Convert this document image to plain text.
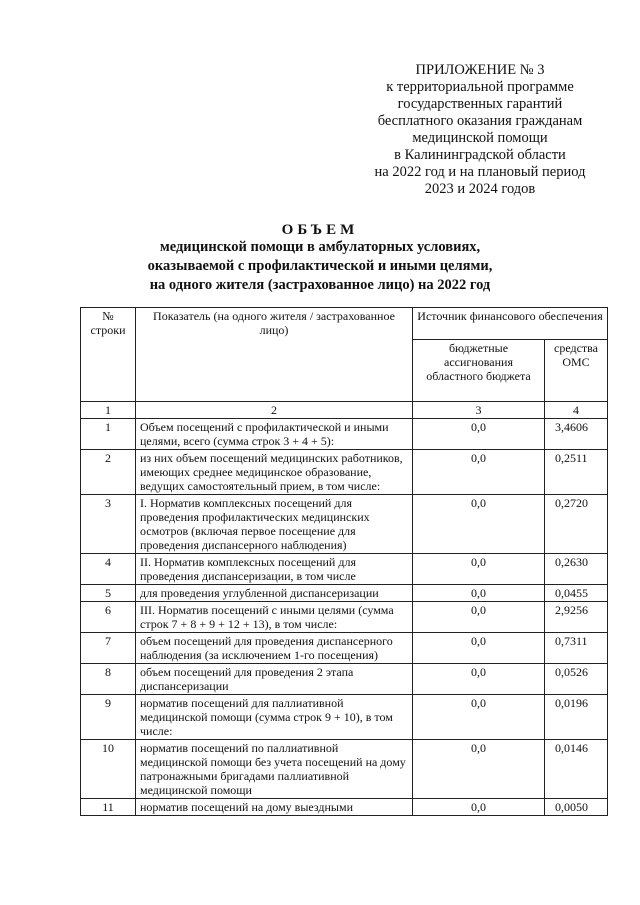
ПРИЛОЖЕНИЕ № 3
к территориальной программе
государственных гарантий
бесплатного оказания гражданам
медицинской помощи
в Калининградской области
на 2022 год и на плановый период
2023 и 2024 годов
ОБЪЕМ
медицинской помощи в амбулаторных условиях,
оказываемой с профилактической и иными целями,
на одного жителя (застрахованное лицо) на 2022 год
№ строки	Показатель (на одного жителя / застрахованное лицо)	Источник финансового обеспечения	
		бюджетные ассигнования областного бюджета	средства ОМС
1	2	3	4
1	Объем посещений с профилактической и иными целями, всего (сумма строк 3 + 4 + 5):	0,0	3,4606
2	из них объем посещений медицинских работников, имеющих среднее медицинское образование, ведущих самостоятельный прием, в том числе:	0,0	0,2511
3	I. Норматив комплексных посещений для проведения профилактических медицинских осмотров (включая первое посещение для проведения диспансерного наблюдения)	0,0	0,2720
4	II. Норматив комплексных посещений для проведения диспансеризации, в том числе	0,0	0,2630
5	для проведения углубленной диспансеризации	0,0	0,0455
6	III. Норматив посещений с иными целями (сумма строк 7 + 8 + 9 + 12 + 13), в том числе:	0,0	2,9256
7	объем посещений для проведения диспансерного наблюдения (за исключением 1-го посещения)	0,0	0,7311
8	объем посещений для проведения 2 этапа диспансеризации	0,0	0,0526
9	норматив посещений для паллиативной медицинской помощи (сумма строк 9 + 10), в том числе:	0,0	0,0196
10	норматив посещений по паллиативной медицинской помощи без учета посещений на дому патронажными бригадами паллиативной медицинской помощи	0,0	0,0146
11	норматив посещений на дому выездными	0,0	0,0050
